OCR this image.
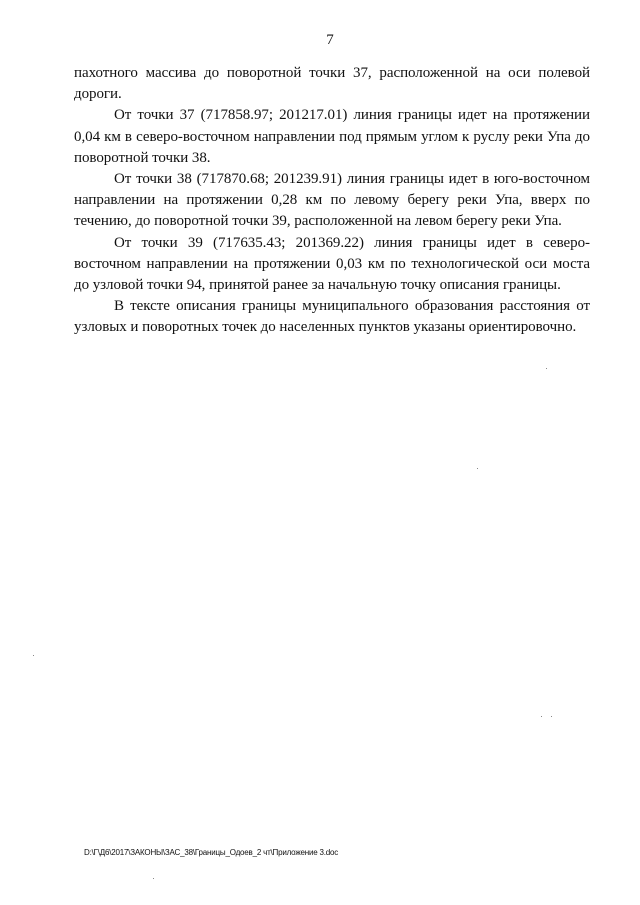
7

пахотного массива до поворотной точки 37, расположенной на оси полевой дороги.

От точки 37 (717858.97; 201217.01) линия границы идет на протяжении 0,04 км в северо-восточном направлении под прямым углом к руслу реки Упа до поворотной точки 38.

От точки 38 (717870.68; 201239.91) линия границы идет в юго-восточном направлении на протяжении 0,28 км по левому берегу реки Упа, вверх по течению, до поворотной точки 39, расположенной на левом берегу реки Упа.

От точки 39 (717635.43; 201369.22) линия границы идет в северо-восточном направлении на протяжении 0,03 км по технологической оси моста до узловой точки 94, принятой ранее за начальную точку описания границы.

В тексте описания границы муниципального образования расстояния от узловых и поворотных точек до населенных пунктов указаны ориентировочно.

D:\Г\Д6\2017\ЗАКОНЫ\ЗАС_38\Границы_Одоев_2 чт\Приложение 3.doc
